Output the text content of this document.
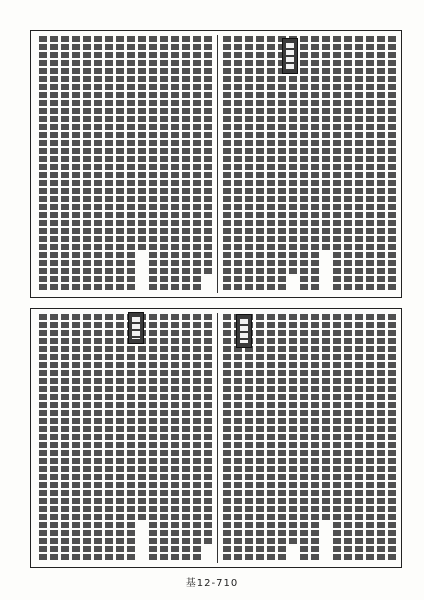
基12-710
